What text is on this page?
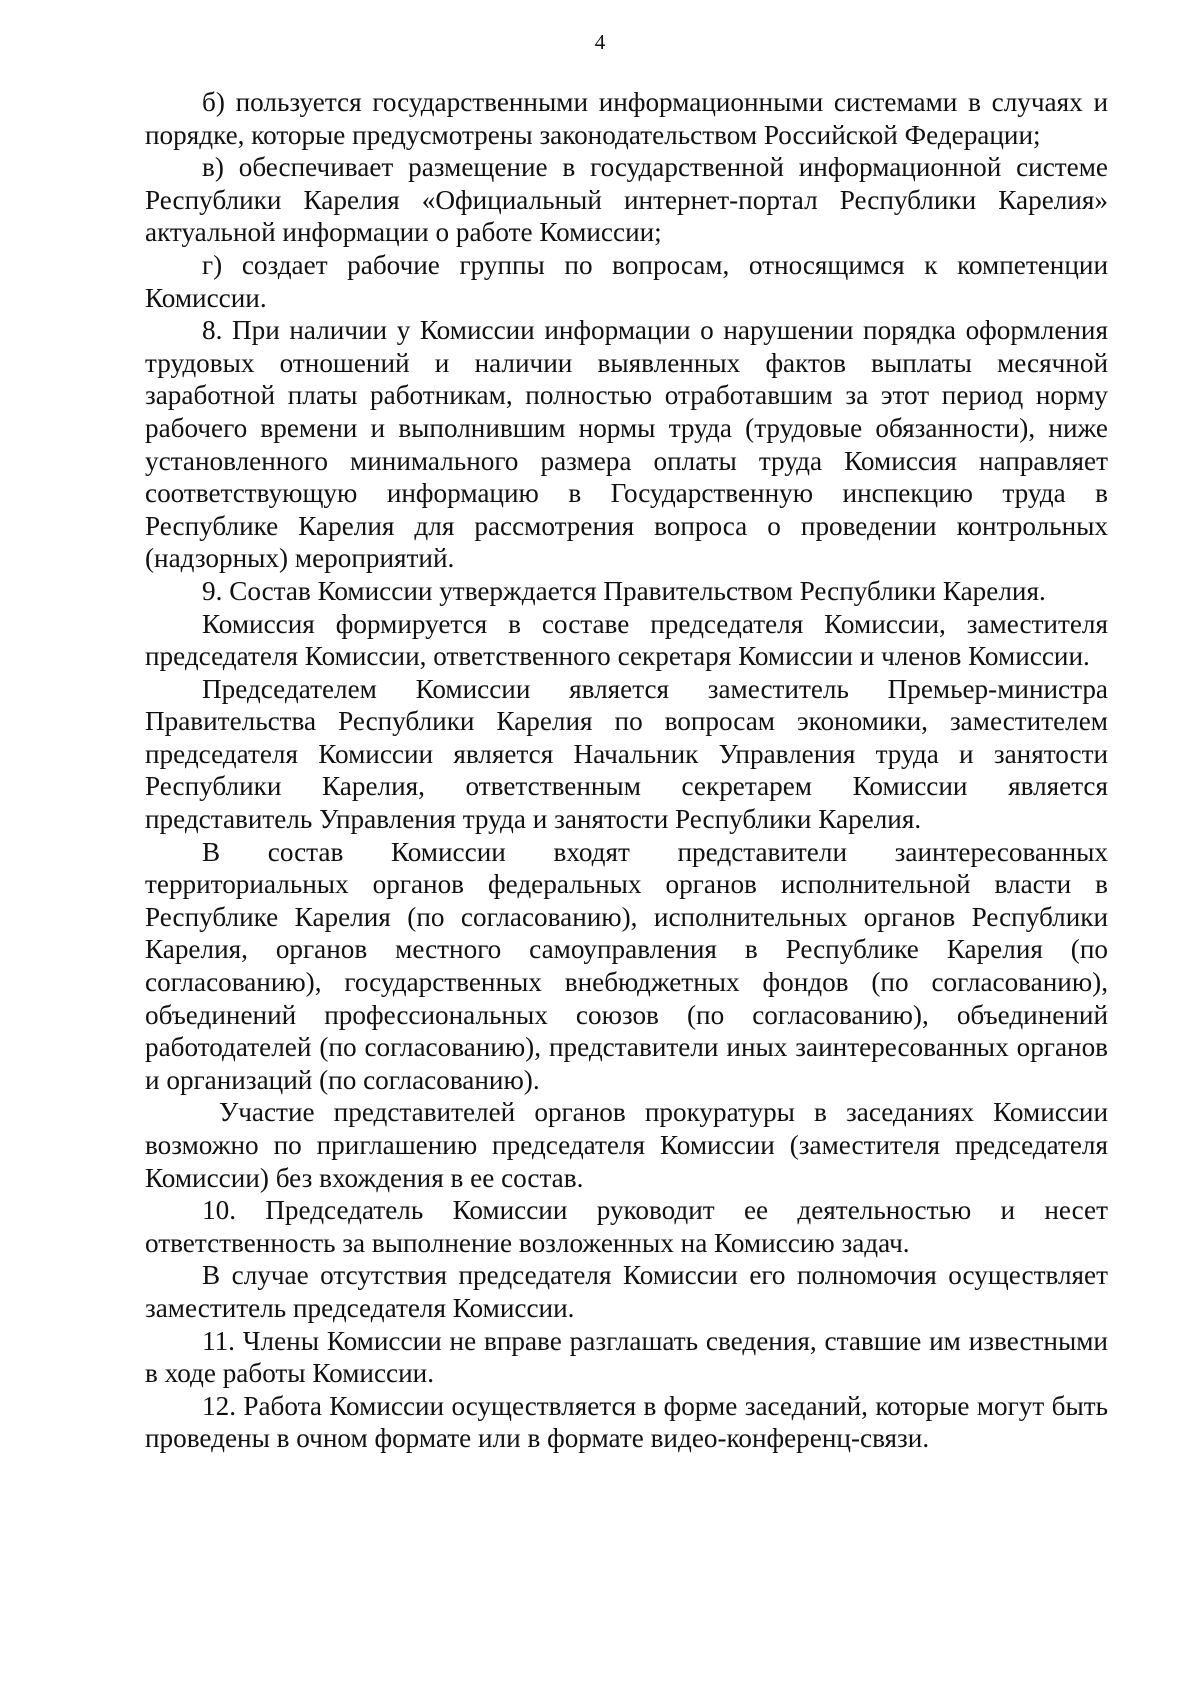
4

б) пользуется государственными информационными системами в случаях и порядке, которые предусмотрены законодательством Российской Федерации;

в) обеспечивает размещение в государственной информационной системе Республики Карелия «Официальный интернет-портал Республики Карелия» актуальной информации о работе Комиссии;

г) создает рабочие группы по вопросам, относящимся к компетенции Комиссии.

8. При наличии у Комиссии информации о нарушении порядка оформления трудовых отношений и наличии выявленных фактов выплаты месячной заработной платы работникам, полностью отработавшим за этот период норму рабочего времени и выполнившим нормы труда (трудовые обязанности), ниже установленного минимального размера оплаты труда Комиссия направляет соответствующую информацию в Государственную инспекцию труда в Республике Карелия для рассмотрения вопроса о проведении контрольных (надзорных) мероприятий.

9. Состав Комиссии утверждается Правительством Республики Карелия.

Комиссия формируется в составе председателя Комиссии, заместителя председателя Комиссии, ответственного секретаря Комиссии и членов Комиссии.

Председателем Комиссии является заместитель Премьер-министра Правительства Республики Карелия по вопросам экономики, заместителем председателя Комиссии является Начальник Управления труда и занятости Республики Карелия, ответственным секретарем Комиссии является представитель Управления труда и занятости Республики Карелия.

В состав Комиссии входят представители заинтересованных территориальных органов федеральных органов исполнительной власти в Республике Карелия (по согласованию), исполнительных органов Республики Карелия, органов местного самоуправления в Республике Карелия (по согласованию), государственных внебюджетных фондов (по согласованию), объединений профессиональных союзов (по согласованию), объединений работодателей (по согласованию), представители иных заинтересованных органов и организаций (по согласованию).

Участие представителей органов прокуратуры в заседаниях Комиссии возможно по приглашению председателя Комиссии (заместителя председателя Комиссии) без вхождения в ее состав.

10. Председатель Комиссии руководит ее деятельностью и несет ответственность за выполнение возложенных на Комиссию задач.

В случае отсутствия председателя Комиссии его полномочия осуществляет заместитель председателя Комиссии.

11. Члены Комиссии не вправе разглашать сведения, ставшие им известными в ходе работы Комиссии.

12. Работа Комиссии осуществляется в форме заседаний, которые могут быть проведены в очном формате или в формате видео-конференц-связи.
